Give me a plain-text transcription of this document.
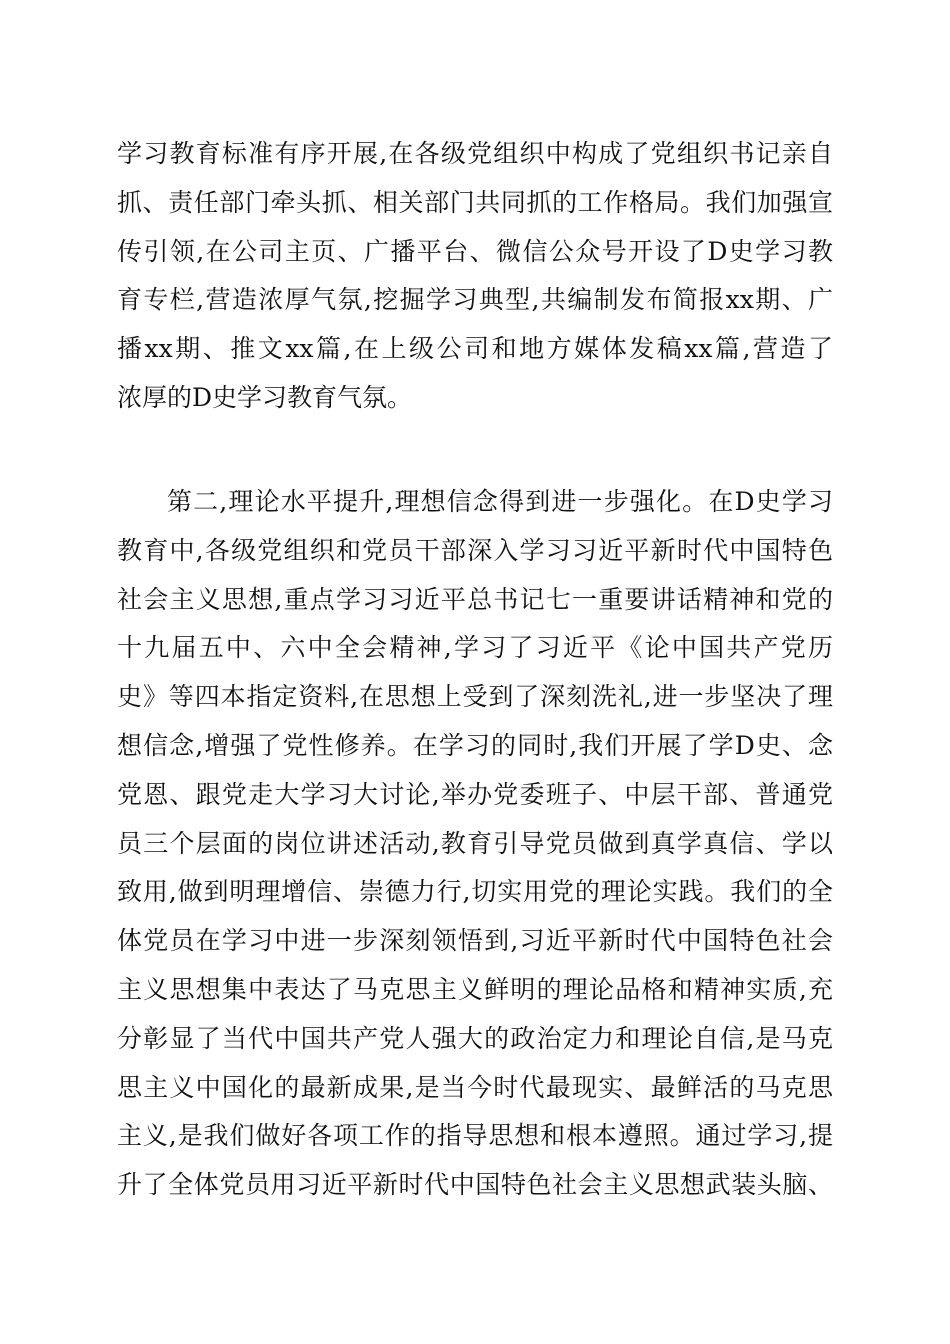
学习教育标准有序开展,在各级党组织中构成了党组织书记亲自
抓、责任部门牵头抓、相关部门共同抓的工作格局。我们加强宣
传引领,在公司主页、广播平台、微信公众号开设了D史学习教
育专栏,营造浓厚气氛,挖掘学习典型,共编制发布简报xx期、广
播xx期、推文xx篇,在上级公司和地方媒体发稿xx篇,营造了
浓厚的D史学习教育气氛。
第二,理论水平提升,理想信念得到进一步强化。在D史学习
教育中,各级党组织和党员干部深入学习习近平新时代中国特色
社会主义思想,重点学习习近平总书记七一重要讲话精神和党的
十九届五中、六中全会精神,学习了习近平《论中国共产党历
史》等四本指定资料,在思想上受到了深刻洗礼,进一步坚决了理
想信念,增强了党性修养。在学习的同时,我们开展了学D史、念
党恩、跟党走大学习大讨论,举办党委班子、中层干部、普通党
员三个层面的岗位讲述活动,教育引导党员做到真学真信、学以
致用,做到明理增信、崇德力行,切实用党的理论实践。我们的全
体党员在学习中进一步深刻领悟到,习近平新时代中国特色社会
主义思想集中表达了马克思主义鲜明的理论品格和精神实质,充
分彰显了当代中国共产党人强大的政治定力和理论自信,是马克
思主义中国化的最新成果,是当今时代最现实、最鲜活的马克思
主义,是我们做好各项工作的指导思想和根本遵照。通过学习,提
升了全体党员用习近平新时代中国特色社会主义思想武装头脑、
